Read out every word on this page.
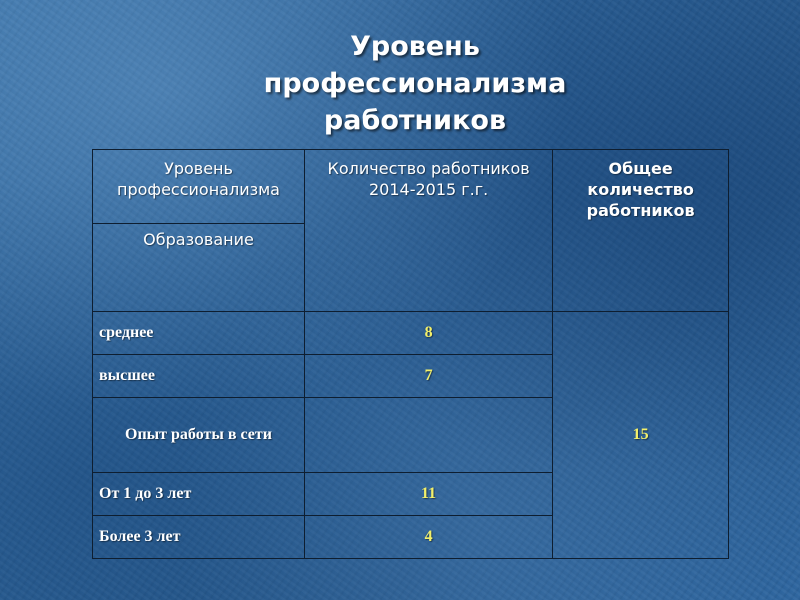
Уровень
профессионализма
работников
Уровень профессионализма	Количество работников 2014-2015 г.г.	Общее количество работников
Образование		
среднее	8	15
высшее	7	
Опыт работы в сети		
От 1 до 3 лет	11	
Более 3 лет	4	
